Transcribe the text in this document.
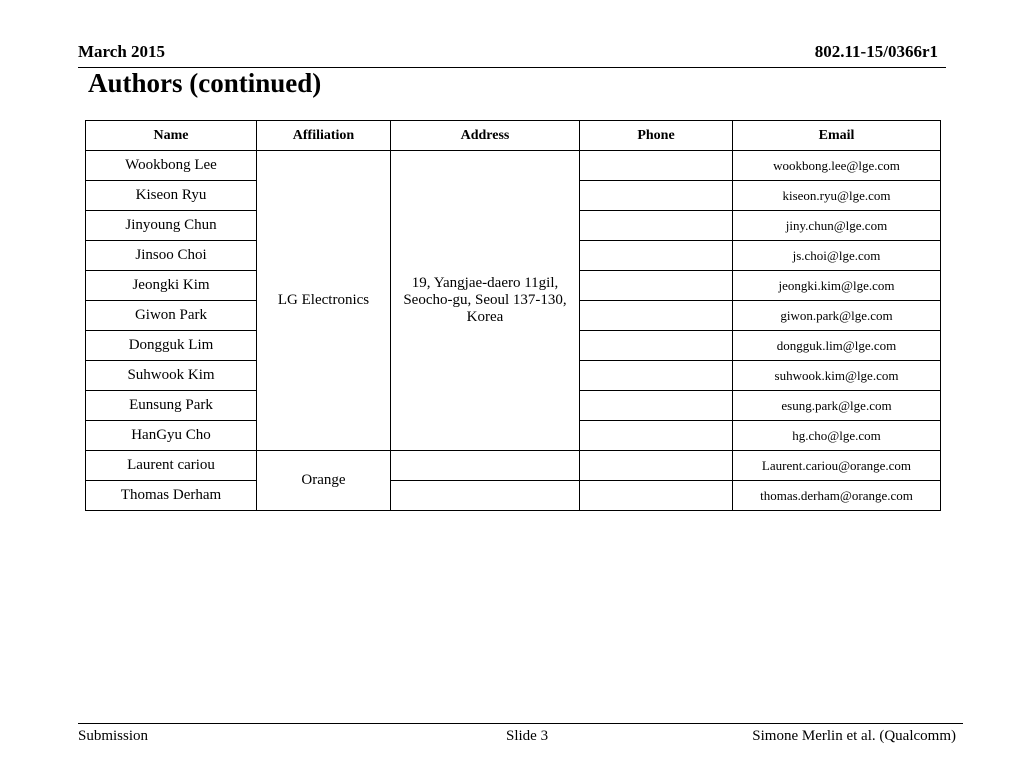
March 2015	802.11-15/0366r1
Authors (continued)
Name	Affiliation	Address	Phone	Email
Wookbong Lee	LG Electronics	19, Yangjae-daero 11gil, Seocho-gu, Seoul 137-130, Korea		wookbong.lee@lge.com
Kiseon Ryu				kiseon.ryu@lge.com
Jinyoung Chun				jiny.chun@lge.com
Jinsoo Choi				js.choi@lge.com
Jeongki Kim				jeongki.kim@lge.com
Giwon Park				giwon.park@lge.com
Dongguk Lim				dongguk.lim@lge.com
Suhwook Kim				suhwook.kim@lge.com
Eunsung Park				esung.park@lge.com
HanGyu Cho				hg.cho@lge.com
Laurent cariou	Orange			Laurent.cariou@orange.com
Thomas Derham				thomas.derham@orange.com
Submission	Slide 3	Simone Merlin et al. (Qualcomm)
